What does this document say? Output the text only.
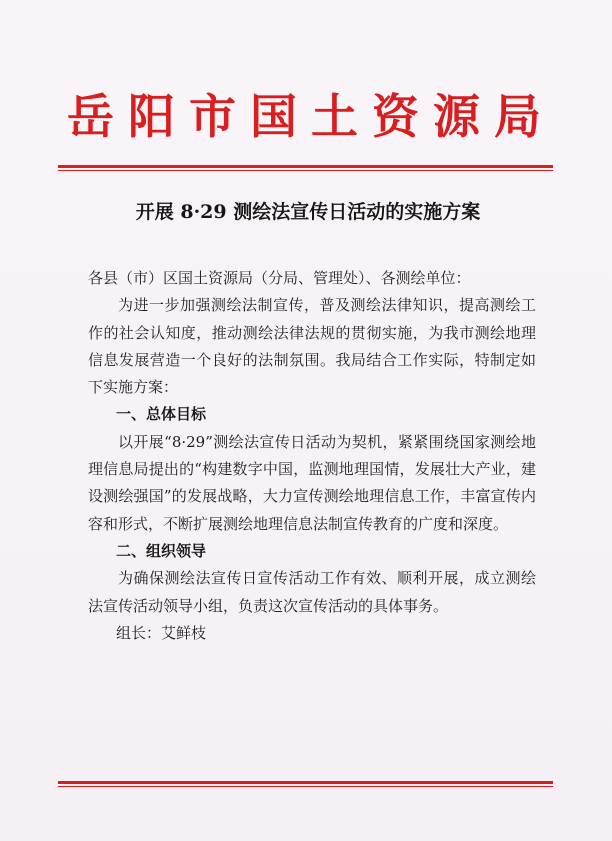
岳阳市国土资源局
开展 8·29 测绘法宣传日活动的实施方案

各县（市）区国土资源局（分局、管理处）、各测绘单位：

为进一步加强测绘法制宣传，普及测绘法律知识，提高测绘工作的社会认知度，推动测绘法律法规的贯彻实施，为我市测绘地理信息发展营造一个良好的法制氛围。我局结合工作实际，特制定如下实施方案：

一、总体目标

以开展“8·29”测绘法宣传日活动为契机，紧紧围绕国家测绘地理信息局提出的“构建数字中国，监测地理国情，发展壮大产业，建设测绘强国”的发展战略，大力宣传测绘地理信息工作，丰富宣传内容和形式，不断扩展测绘地理信息法制宣传教育的广度和深度。

二、组织领导

为确保测绘法宣传日宣传活动工作有效、顺利开展，成立测绘法宣传活动领导小组，负责这次宣传活动的具体事务。

组长：艾鲜枝
